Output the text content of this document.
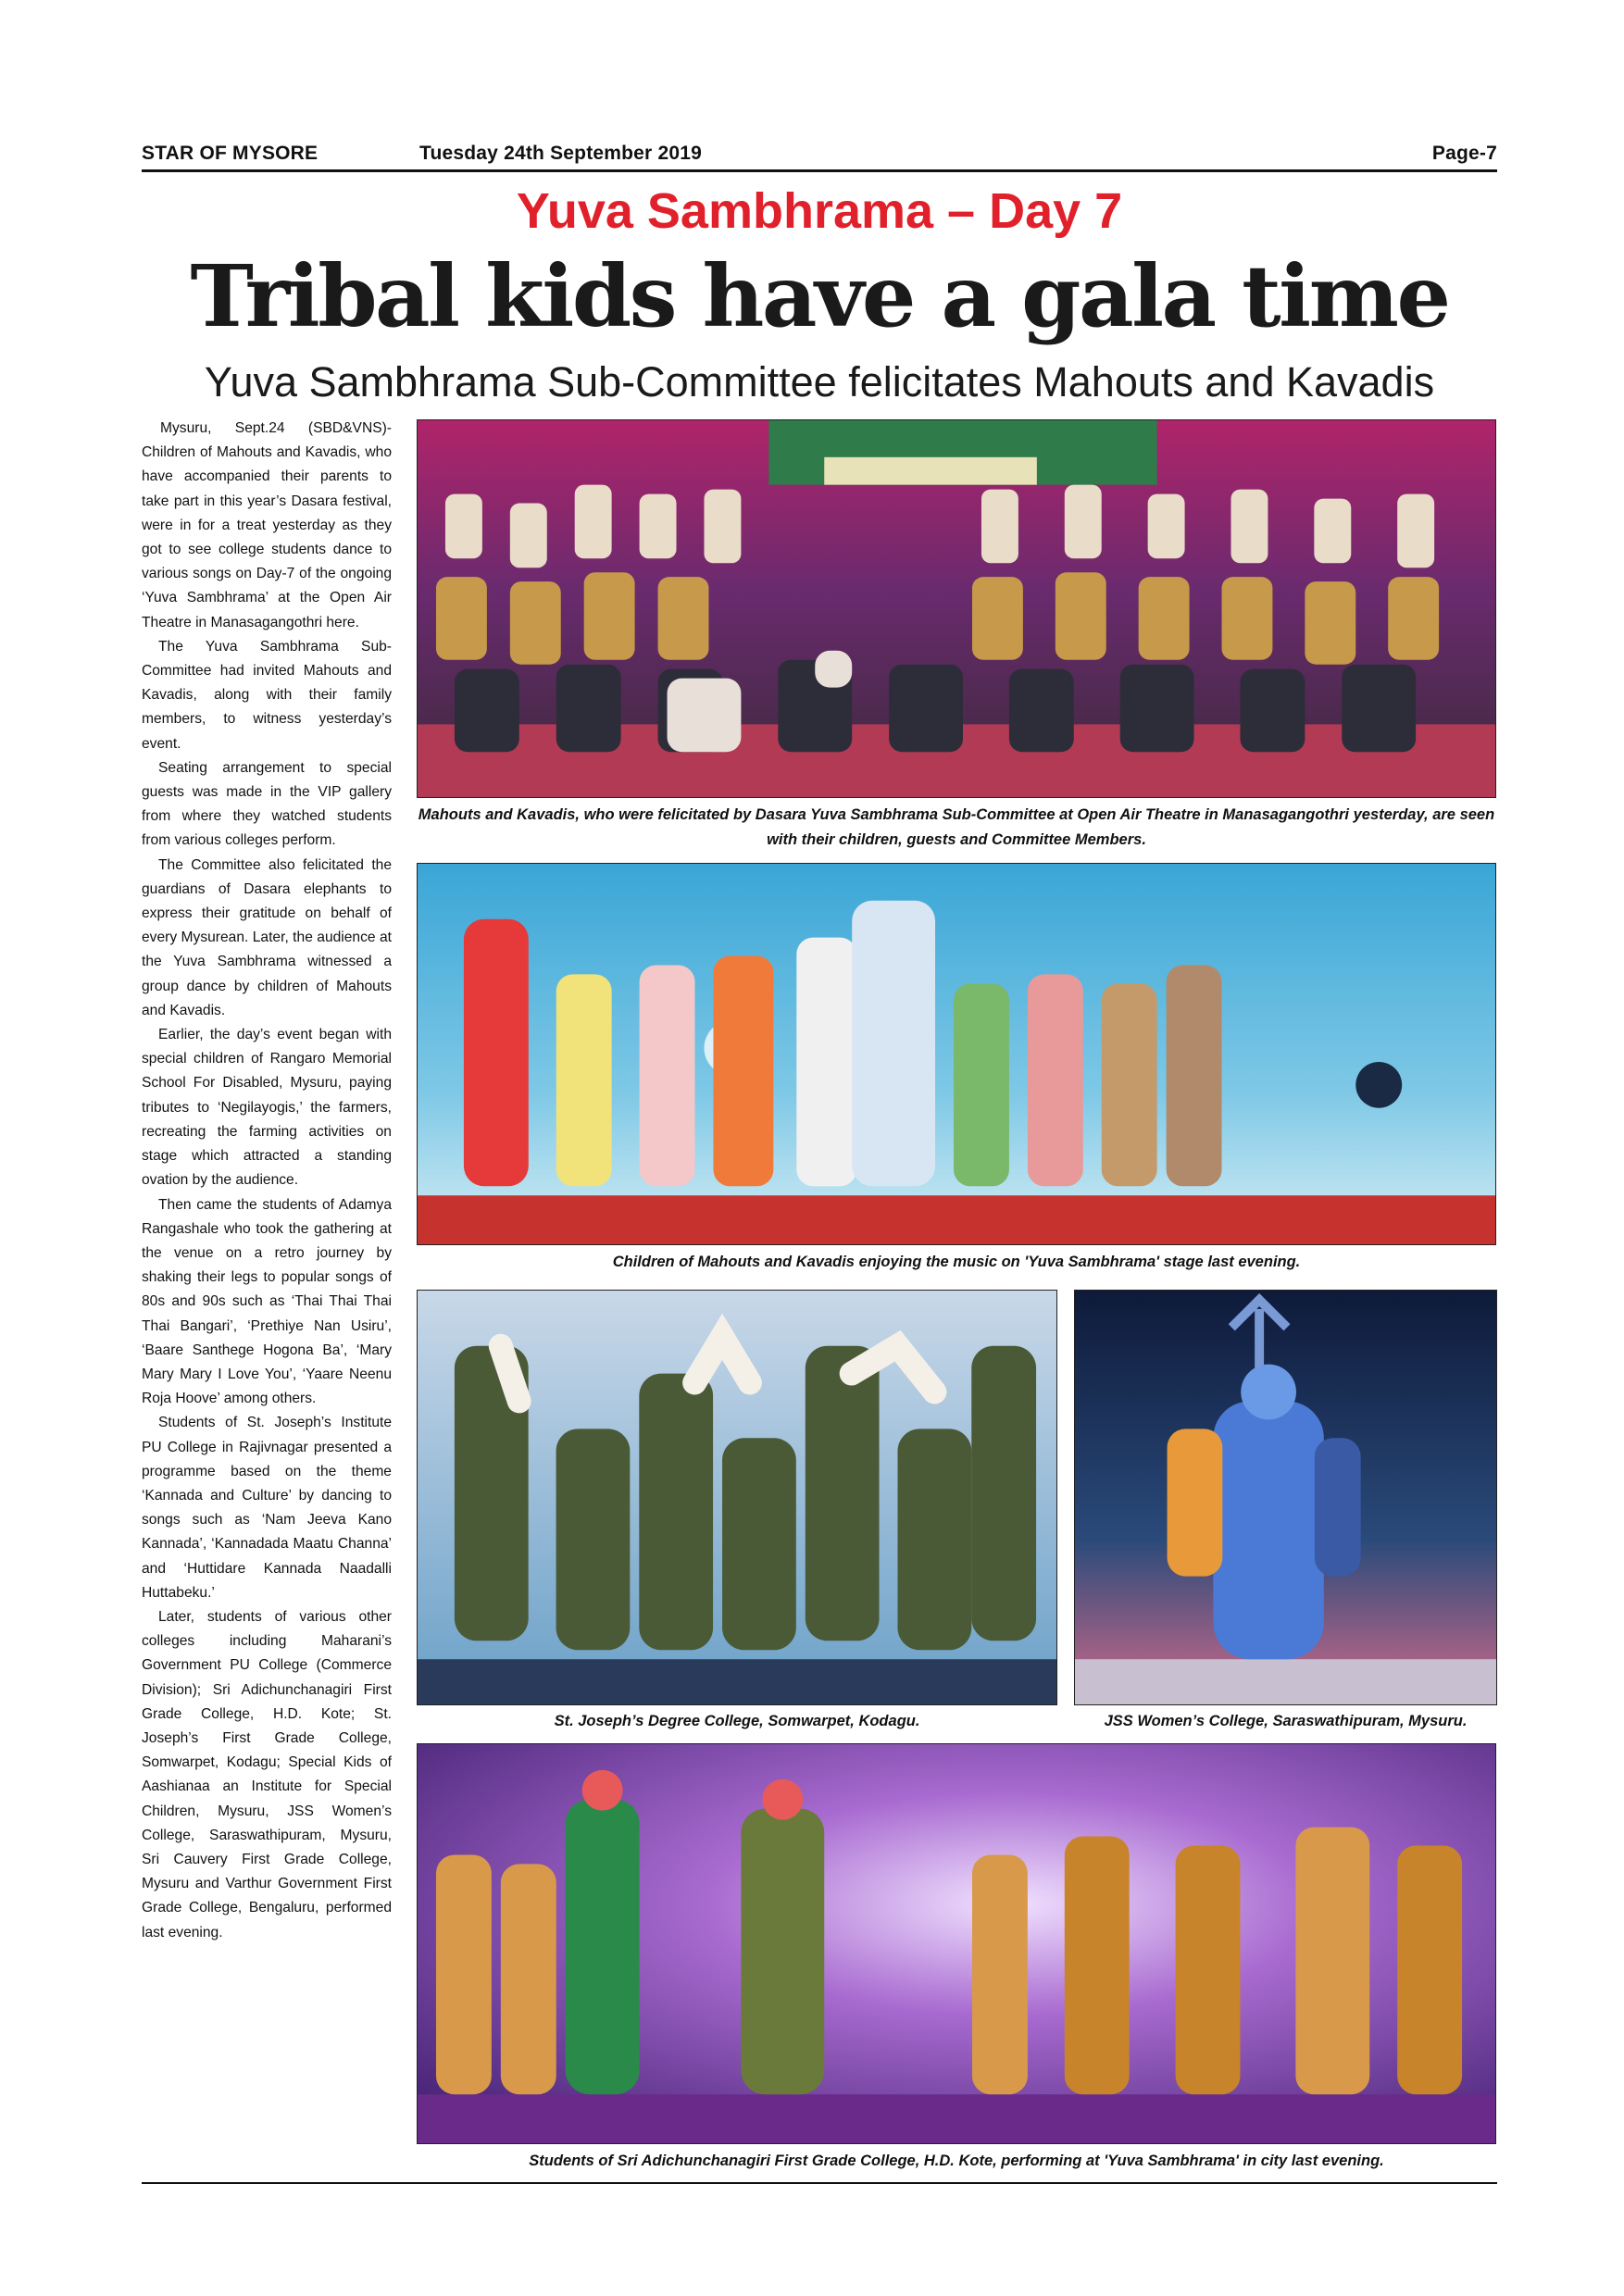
STAR OF MYSORE	Tuesday 24th September 2019	Page-7
Yuva Sambhrama – Day 7
Tribal kids have a gala time
Yuva Sambhrama Sub-Committee felicitates Mahouts and Kavadis

Mysuru, Sept.24 (SBD&VNS)- Children of Mahouts and Kavadis, who have accompanied their parents to take part in this year’s Dasara festival, were in for a treat yesterday as they got to see college students dance to various songs on Day-7 of the ongoing ‘Yuva Sambhrama’ at the Open Air Theatre in Manasagangothri here.

The Yuva Sambhrama Sub-Committee had invited Mahouts and Kavadis, along with their family members, to witness yesterday’s event.

Seating arrangement to special guests was made in the VIP gallery from where they watched students from various colleges perform.

The Committee also felicitated the guardians of Dasara elephants to express their gratitude on behalf of every Mysurean. Later, the audience at the Yuva Sambhrama witnessed a group dance by children of Mahouts and Kavadis.

Earlier, the day’s event began with special children of Rangaro Memorial School For Disabled, Mysuru, paying tributes to ‘Negilayogis,’ the farmers, recreating the farming activities on stage which attracted a standing ovation by the audience.

Then came the students of Adamya Rangashale who took the gathering at the venue on a retro journey by shaking their legs to popular songs of 80s and 90s such as ‘Thai Thai Thai Thai Bangari’, ‘Prethiye Nan Usiru’, ‘Baare Santhege Hogona Ba’, ‘Mary Mary Mary I Love You’, ‘Yaare Neenu Roja Hoove’ among others.

Students of St. Joseph’s Institute PU College in Rajivnagar presented a programme based on the theme ‘Kannada and Culture’ by dancing to songs such as ‘Nam Jeeva Kano Kannada’, ‘Kannadada Maatu Channa’ and ‘Huttidare Kannada Naadalli Huttabeku.’

Later, students of various other colleges including Maharani’s Government PU College (Commerce Division); Sri Adichunchanagiri First Grade College, H.D. Kote; St. Joseph’s First Grade College, Somwarpet, Kodagu; Special Kids of Aashianaa an Institute for Special Children, Mysuru, JSS Women’s College, Saraswathipuram, Mysuru, Sri Cauvery First Grade College, Mysuru and Varthur Government First Grade College, Bengaluru, performed last evening.

Mahouts and Kavadis, who were felicitated by Dasara Yuva Sambhrama Sub-Committee at Open Air Theatre in Manasagangothri yesterday, are seen with their children, guests and Committee Members.
Children of Mahouts and Kavadis enjoying the music on 'Yuva Sambhrama' stage last evening.
St. Joseph’s Degree College, Somwarpet, Kodagu.	JSS Women’s College, Saraswathipuram, Mysuru.
Students of Sri Adichunchanagiri First Grade College, H.D. Kote, performing at 'Yuva Sambhrama' in city last evening.
